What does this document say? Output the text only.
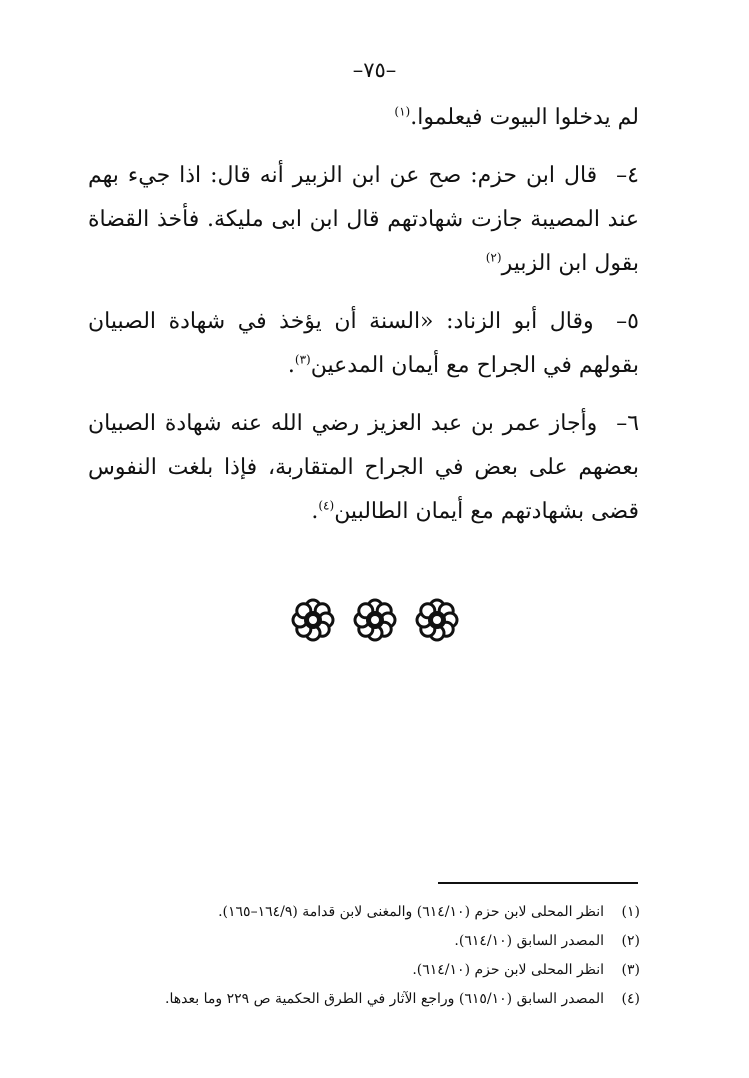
–٧٥–

لم يدخلوا البيوت فيعلموا.$^{(١)}$

٤– قال ابن حزم: صح عن ابن الزبير أنه قال: اذا جيء بهم عند المصيبة جازت شهادتهم قال ابن ابى مليكة. فأخذ القضاة بقول ابن الزبير$^{(٢)}$

٥– وقال أبو الزناد: «السنة أن يؤخذ في شهادة الصبيان بقولهم في الجراح مع أيمان المدعين$^{(٣)}$.

٦– وأجاز عمر بن عبد العزيز رضي الله عنه شهادة الصبيان بعضهم على بعض في الجراح المتقاربة، فإذا بلغت النفوس قضى بشهادتهم مع أيمان الطالبين$^{(٤)}$.

(١)
انظر المحلى لابن حزم (٦١٤/١٠) والمغنى لابن قدامة (١٦٤/٩–١٦٥).
(٢)
المصدر السابق (٦١٤/١٠).
(٣)
انظر المحلى لابن حزم (٦١٤/١٠).
(٤)
المصدر السابق (٦١٥/١٠) وراجع الآثار في الطرق الحكمية ص ٢٢٩ وما بعدها.
